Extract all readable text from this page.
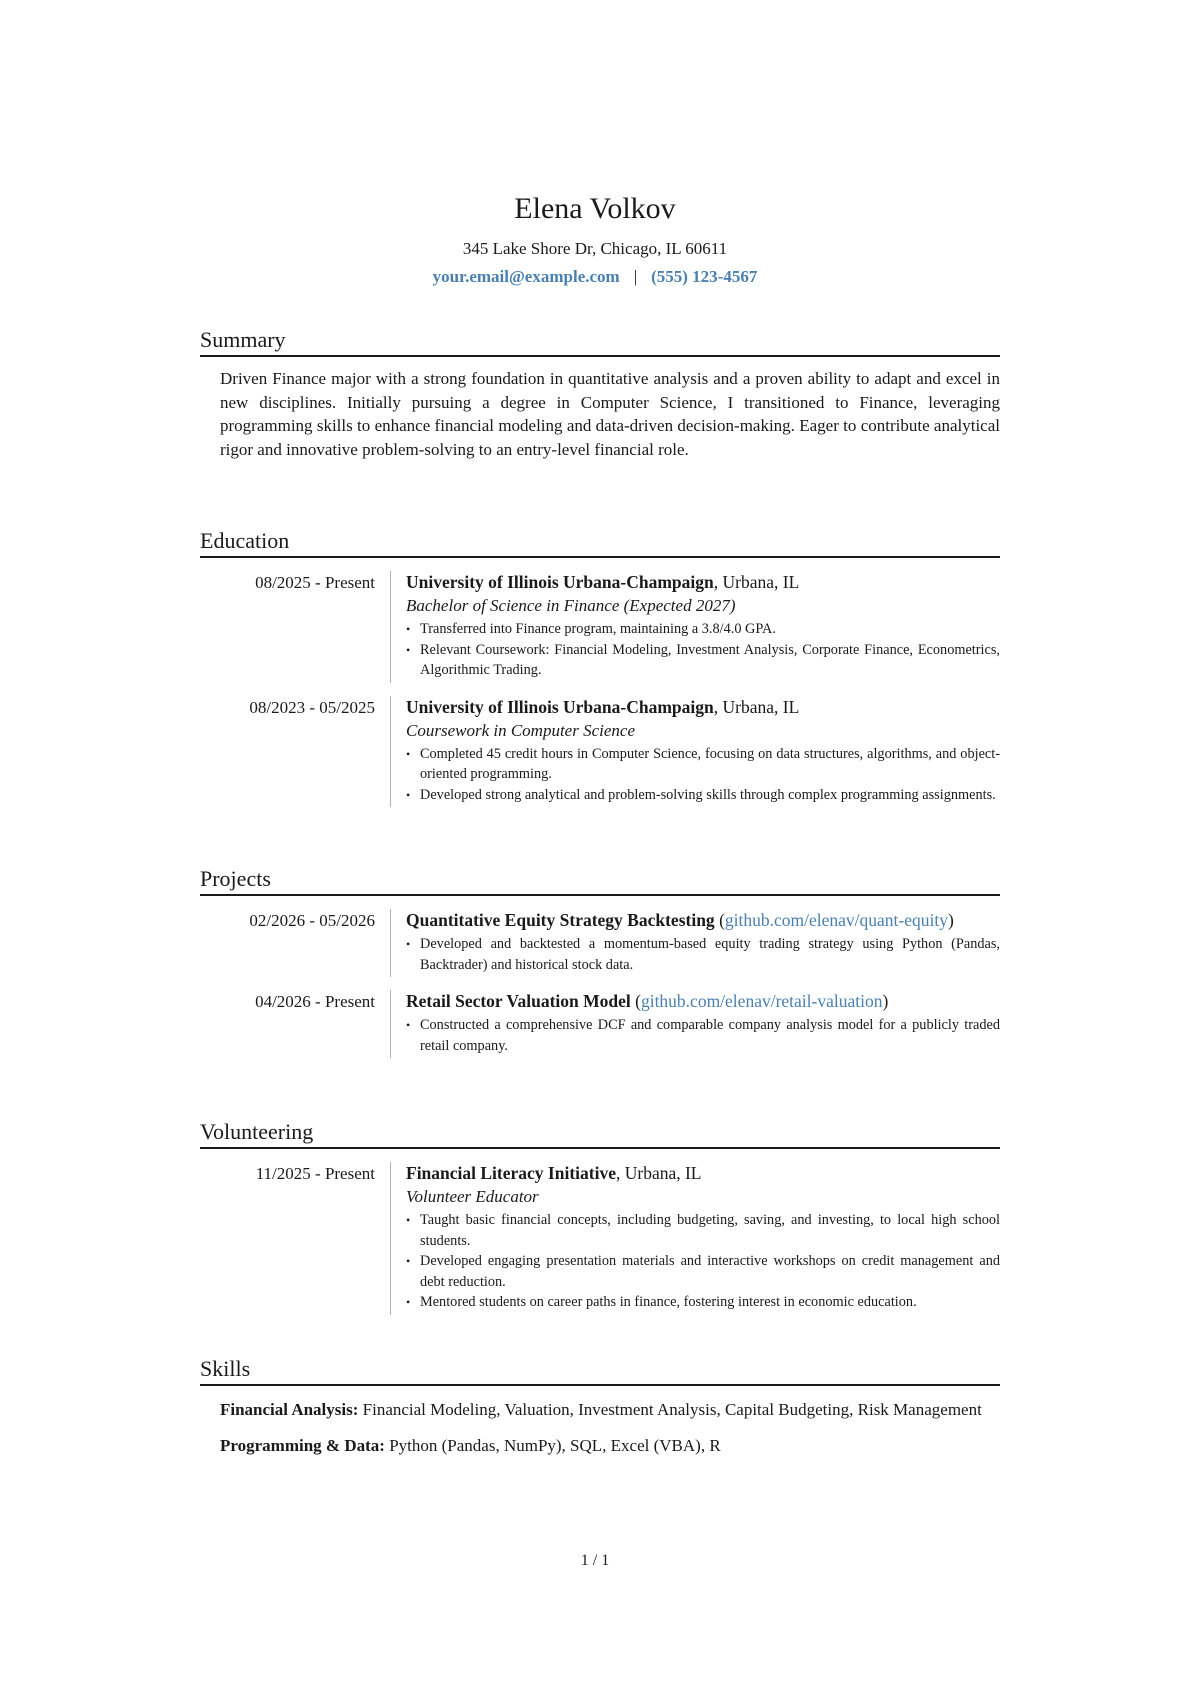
Elena Volkov
345 Lake Shore Dr, Chicago, IL 60611
your.email@example.com | (555) 123-4567
Summary
Driven Finance major with a strong foundation in quantitative analysis and a proven ability to adapt and excel in new disciplines. Initially pursuing a degree in Computer Science, I transitioned to Finance, leveraging programming skills to enhance financial modeling and data-driven decision-making. Eager to contribute analytical rigor and innovative problem-solving to an entry-level financial role.
Education
08/2025 - Present	University of Illinois Urbana-Champaign, Urbana, IL
Bachelor of Science in Finance (Expected 2027)
• Transferred into Finance program, maintaining a 3.8/4.0 GPA.
• Relevant Coursework: Financial Modeling, Investment Analysis, Corporate Finance, Econometrics, Algorithmic Trading.
08/2023 - 05/2025	University of Illinois Urbana-Champaign, Urbana, IL
Coursework in Computer Science
• Completed 45 credit hours in Computer Science, focusing on data structures, algorithms, and object-oriented programming.
• Developed strong analytical and problem-solving skills through complex programming assignments.
Projects
02/2026 - 05/2026	Quantitative Equity Strategy Backtesting (github.com/elenav/quant-equity)
• Developed and backtested a momentum-based equity trading strategy using Python (Pandas, Backtrader) and historical stock data.
04/2026 - Present	Retail Sector Valuation Model (github.com/elenav/retail-valuation)
• Constructed a comprehensive DCF and comparable company analysis model for a publicly traded retail company.
Volunteering
11/2025 - Present	Financial Literacy Initiative, Urbana, IL
Volunteer Educator
• Taught basic financial concepts, including budgeting, saving, and investing, to local high school students.
• Developed engaging presentation materials and interactive workshops on credit management and debt reduction.
• Mentored students on career paths in finance, fostering interest in economic education.
Skills
Financial Analysis: Financial Modeling, Valuation, Investment Analysis, Capital Budgeting, Risk Management
Programming & Data: Python (Pandas, NumPy), SQL, Excel (VBA), R
1 / 1
